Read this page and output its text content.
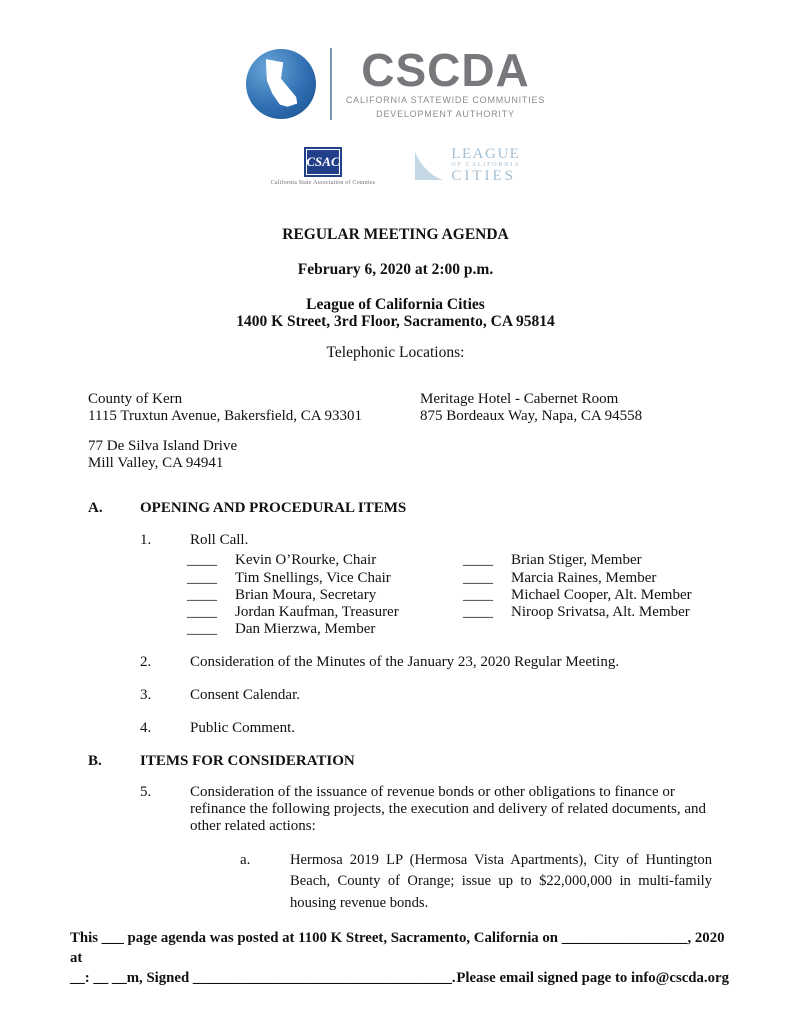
CSCDA
CALIFORNIA STATEWIDE COMMUNITIES
DEVELOPMENT AUTHORITY
CSAC
California State Association of Counties
LEAGUE
OF CALIFORNIA
CITIES
REGULAR MEETING AGENDA
February 6, 2020 at 2:00 p.m.
League of California Cities
1400 K Street, 3rd Floor, Sacramento, CA 95814
Telephonic Locations:
County of Kern
1115 Truxtun Avenue, Bakersfield, CA 93301
Meritage Hotel - Cabernet Room
875 Bordeaux Way, Napa, CA 94558
77 De Silva Island Drive
Mill Valley, CA 94941
A.	OPENING AND PROCEDURAL ITEMS
1.	Roll Call.
____	Kevin O’Rourke, Chair
____	Tim Snellings, Vice Chair
____	Brian Moura, Secretary
____	Jordan Kaufman, Treasurer
____	Dan Mierzwa, Member
____	Brian Stiger, Member
____	Marcia Raines, Member
____	Michael Cooper, Alt. Member
____	Niroop Srivatsa, Alt. Member
2.	Consideration of the Minutes of the January 23, 2020 Regular Meeting.
3.	Consent Calendar.
4.	Public Comment.
B.	ITEMS FOR CONSIDERATION
5.	Consideration of the issuance of revenue bonds or other obligations to finance or refinance the following projects, the execution and delivery of related documents, and other related actions:
a.	Hermosa 2019 LP (Hermosa Vista Apartments), City of Huntington Beach, County of Orange; issue up to $22,000,000 in multi-family housing revenue bonds.
This ___ page agenda was posted at 1100 K Street, Sacramento, California on _________________, 2020 at
__: __ __m, Signed ___________________________________. Please email signed page to info@cscda.org
